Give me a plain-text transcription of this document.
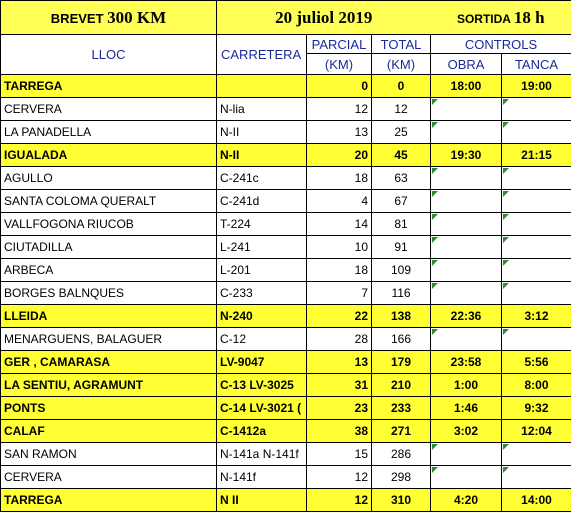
BREVET 300 KM	20 juliol 2019			SORTIDA 18 h	
LLOC	CARRETERA	PARCIAL	TOTAL	CONTROLS	
		(KM)	(KM)	OBRA	TANCA
TARREGA		0	0	18:00	19:00
CERVERA	N-lia	12	12		
LA PANADELLA	N-II	13	25		
IGUALADA	N-II	20	45	19:30	21:15
AGULLO	C-241c	18	63		
SANTA COLOMA QUERALT	C-241d	4	67		
VALLFOGONA RIUCOB	T-224	14	81		
CIUTADILLA	L-241	10	91		
ARBECA	L-201	18	109		
BORGES BALNQUES	C-233	7	116		
LLEIDA	N-240	22	138	22:36	3:12
MENARGUENS, BALAGUER	C-12	28	166		
GER , CAMARASA	LV-9047	13	179	23:58	5:56
LA SENTIU, AGRAMUNT	C-13 LV-3025	31	210	1:00	8:00
PONTS	C-14 LV-3021 (	23	233	1:46	9:32
CALAF	C-1412a	38	271	3:02	12:04
SAN RAMON	N-141a N-141f	15	286		
CERVERA	N-141f	12	298		
TARREGA	N II	12	310	4:20	14:00
